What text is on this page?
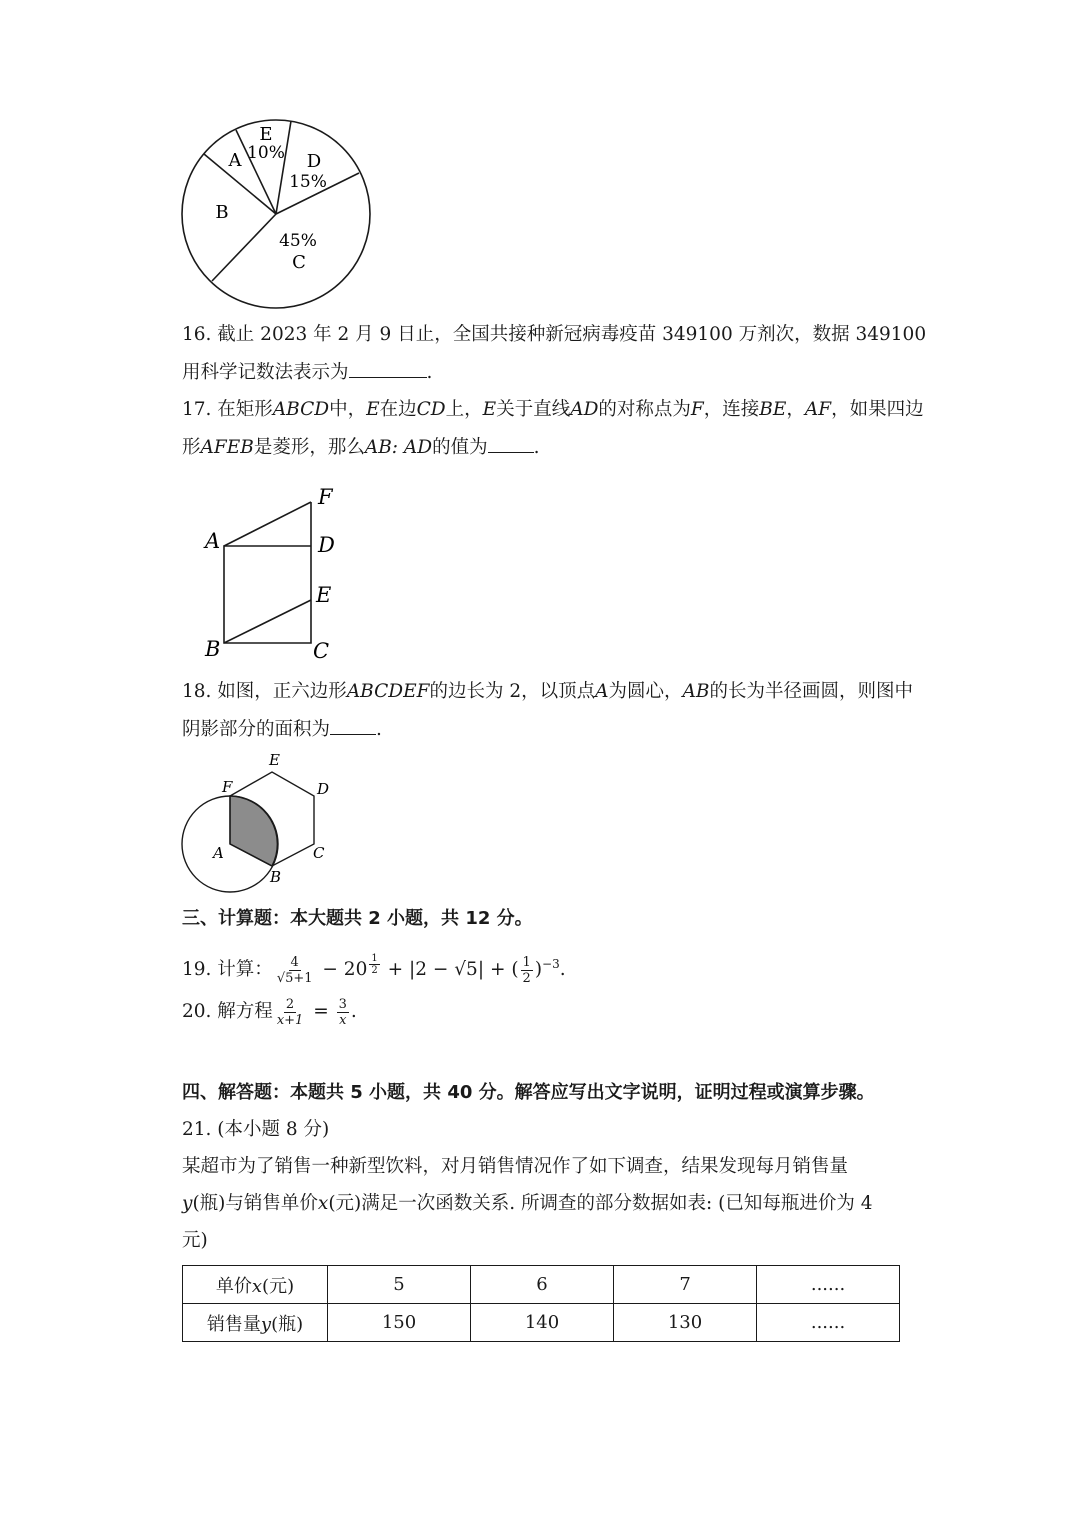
E
10%
A	D
15%
B
45%
C
16. 截止 2023 年 2 月 9 日止，全国共接种新冠病毒疫苗 349100 万剂次，数据 349100
用科学记数法表示为	.
17. 在矩形ABCD中，E在边CD上，E关于直线AD的对称点为F，连接BE，AF，如果四边
形AFEB是菱形，那么AB: AD的值为 .
F
A	D
E
B	C
18. 如图，正六边形ABCDEF的边长为 2，以顶点A为圆心，AB的长为半径画圆，则图中
阴影部分的面积为 .
F
E
D
A	C
B
三、计算题：本大题共 2 小题，共 12 分。
19. 计算： $\frac{4}{√5+1} - 20$ $^{\frac{1}{2}}$ + |2 − √5| + ( $\frac{1}{2} )^{-3}$.
20. 解方程 $\frac{2}{x+1} = \frac{3}{x}$ .
四、解答题：本题共 5 小题，共 40 分。解答应写出文字说明，证明过程或演算步骤。
21. (本小题 8 分)
某超市为了销售一种新型饮料，对月销售情况作了如下调查，结果发现每月销售量
y(瓶)与销售单价x(元)满足一次函数关系. 所调查的部分数据如表: (已知每瓶进价为 4
元)
单价x(元)	5	6	7	......
销售量y(瓶)	150	140	130	......
